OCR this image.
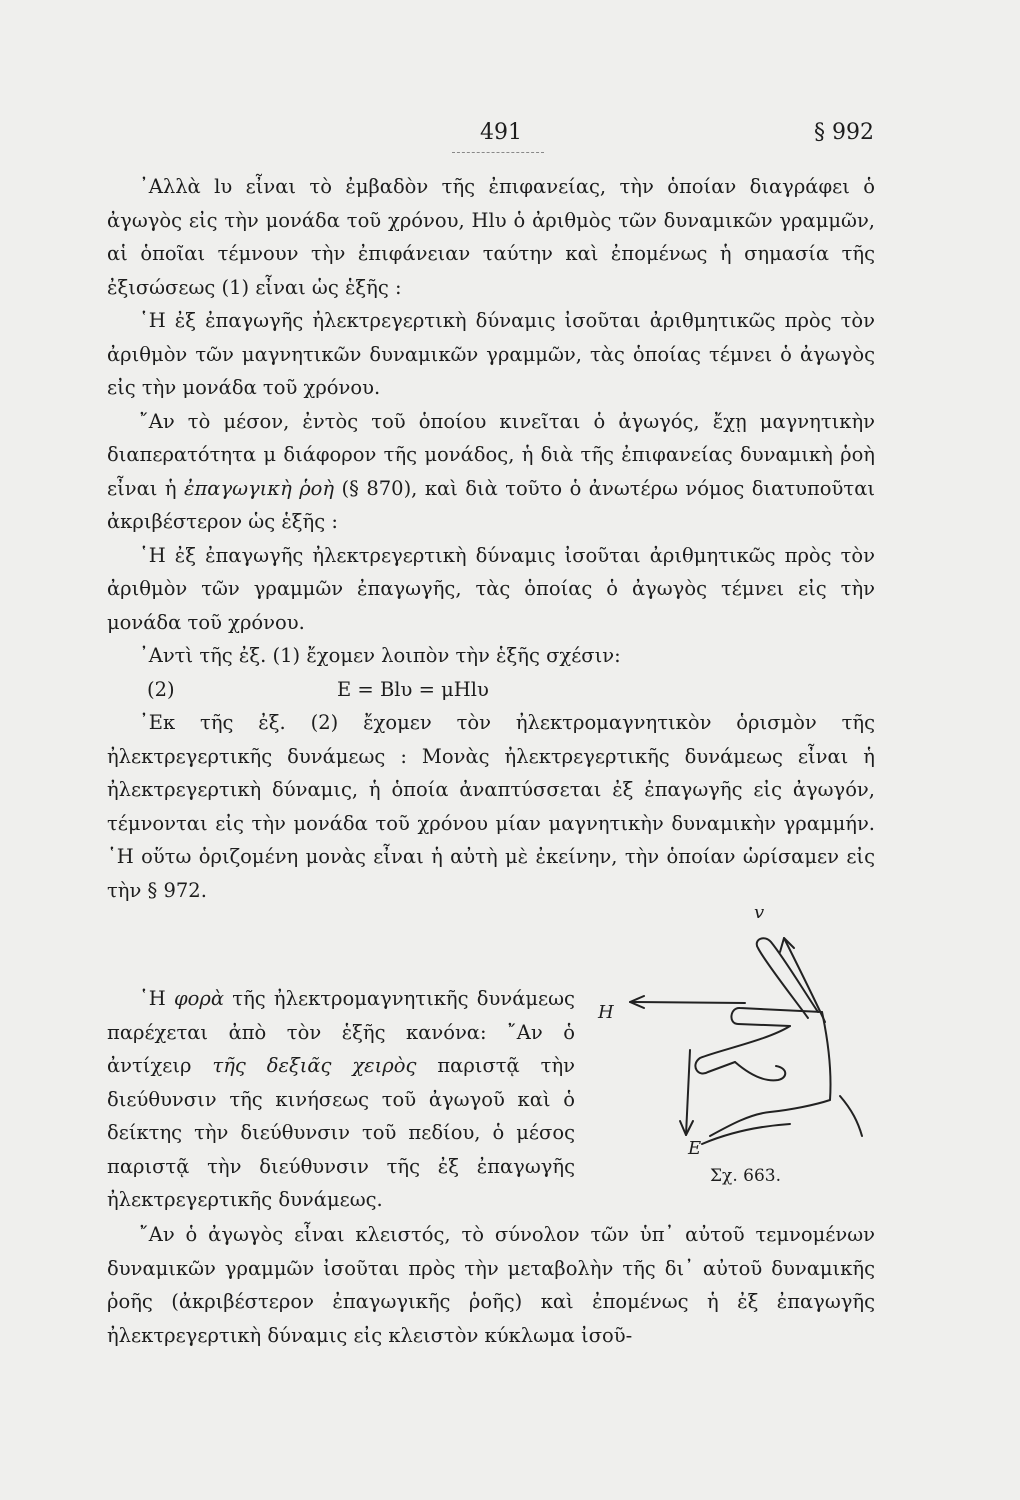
491	§ 992

᾿Αλλὰ lυ εἶναι τὸ ἐμβαδὸν τῆς ἐπιφανείας, τὴν ὁποίαν διαγράφει ὁ ἀγωγὸς εἰς τὴν μονάδα τοῦ χρόνου, Hlυ ὁ ἀριθμὸς τῶν δυναμικῶν γραμμῶν, αἱ ὁποῖαι τέμνουν τὴν ἐπιφάνειαν ταύτην καὶ ἐπομένως ἡ σημασία τῆς ἐξισώσεως (1) εἶναι ὡς ἑξῆς :

῾Η ἐξ ἐπαγωγῆς ἠλεκτρεγερτικὴ δύναμις ἰσοῦται ἀριθμητικῶς πρὸς τὸν ἀριθμὸν τῶν μαγνητικῶν δυναμικῶν γραμμῶν, τὰς ὁποίας τέμνει ὁ ἀγωγὸς εἰς τὴν μονάδα τοῦ χρόνου.

῎Αν τὸ μέσον, ἐντὸς τοῦ ὁποίου κινεῖται ὁ ἀγωγός, ἔχῃ μαγνητικὴν διαπερατότητα μ διάφορον τῆς μονάδος, ἡ διὰ τῆς ἐπιφανείας δυναμικὴ ῥοὴ εἶναι ἡ ἐπαγωγικὴ ῥοὴ (§ 870), καὶ διὰ τοῦτο ὁ ἀνωτέρω νόμος διατυποῦται ἀκριβέστερον ὡς ἑξῆς :

῾Η ἐξ ἐπαγωγῆς ἠλεκτρεγερτικὴ δύναμις ἰσοῦται ἀριθμητικῶς πρὸς τὸν ἀριθμὸν τῶν γραμμῶν ἐπαγωγῆς, τὰς ὁποίας ὁ ἀγωγὸς τέμνει εἰς τὴν μονάδα τοῦ χρόνου.

᾿Αντὶ τῆς ἐξ. (1) ἔχομεν λοιπὸν τὴν ἑξῆς σχέσιν:

(2)	E = Blυ = μHlυ

᾿Εκ τῆς ἐξ. (2) ἔχομεν τὸν ἠλεκτρομαγνητικὸν ὁρισμὸν τῆς ἠλεκτρεγερτικῆς δυνάμεως : Μονὰς ἠλεκτρεγερτικῆς δυνάμεως εἶναι ἡ ἠλεκτρεγερτικὴ δύναμις, ἡ ὁποία ἀναπτύσσεται ἐξ ἐπαγωγῆς εἰς ἀγωγόν, τέμνονται εἰς τὴν μονάδα τοῦ χρόνου μίαν μαγνητικὴν δυναμικὴν γραμμήν. ῾Η οὕτω ὁριζομένη μονὰς εἶναι ἡ αὐτὴ μὲ ἐκείνην, τὴν ὁποίαν ὡρίσαμεν εἰς τὴν § 972.

῾Η φορὰ τῆς ἠλεκτρομαγνητικῆς δυνάμεως παρέχεται ἀπὸ τὸν ἑξῆς κανόνα: ῎Αν ὁ ἀντίχειρ τῆς δεξιᾶς χειρὸς παριστᾷ τὴν διεύθυνσιν τῆς κινήσεως τοῦ ἀγωγοῦ καὶ ὁ δείκτης τὴν διεύθυνσιν τοῦ πεδίου, ὁ μέσος παριστᾷ τὴν διεύθυνσιν τῆς ἐξ ἐπαγωγῆς ἠλεκτρεγερτικῆς δυνάμεως.

῎Αν ὁ ἀγωγὸς εἶναι κλειστός, τὸ σύνολον τῶν ὑπ᾿ αὐτοῦ τεμνομένων δυναμικῶν γραμμῶν ἰσοῦται πρὸς τὴν μεταβολὴν τῆς δι᾿ αὐτοῦ δυναμικῆς ῥοῆς (ἀκριβέστερον ἐπαγωγικῆς ῥοῆς) καὶ ἐπομένως ἡ ἐξ ἐπαγωγῆς ἠλεκτρεγερτικὴ δύναμις εἰς κλειστὸν κύκλωμα ἰσοῦ-

v
H
E
Σχ. 663.
